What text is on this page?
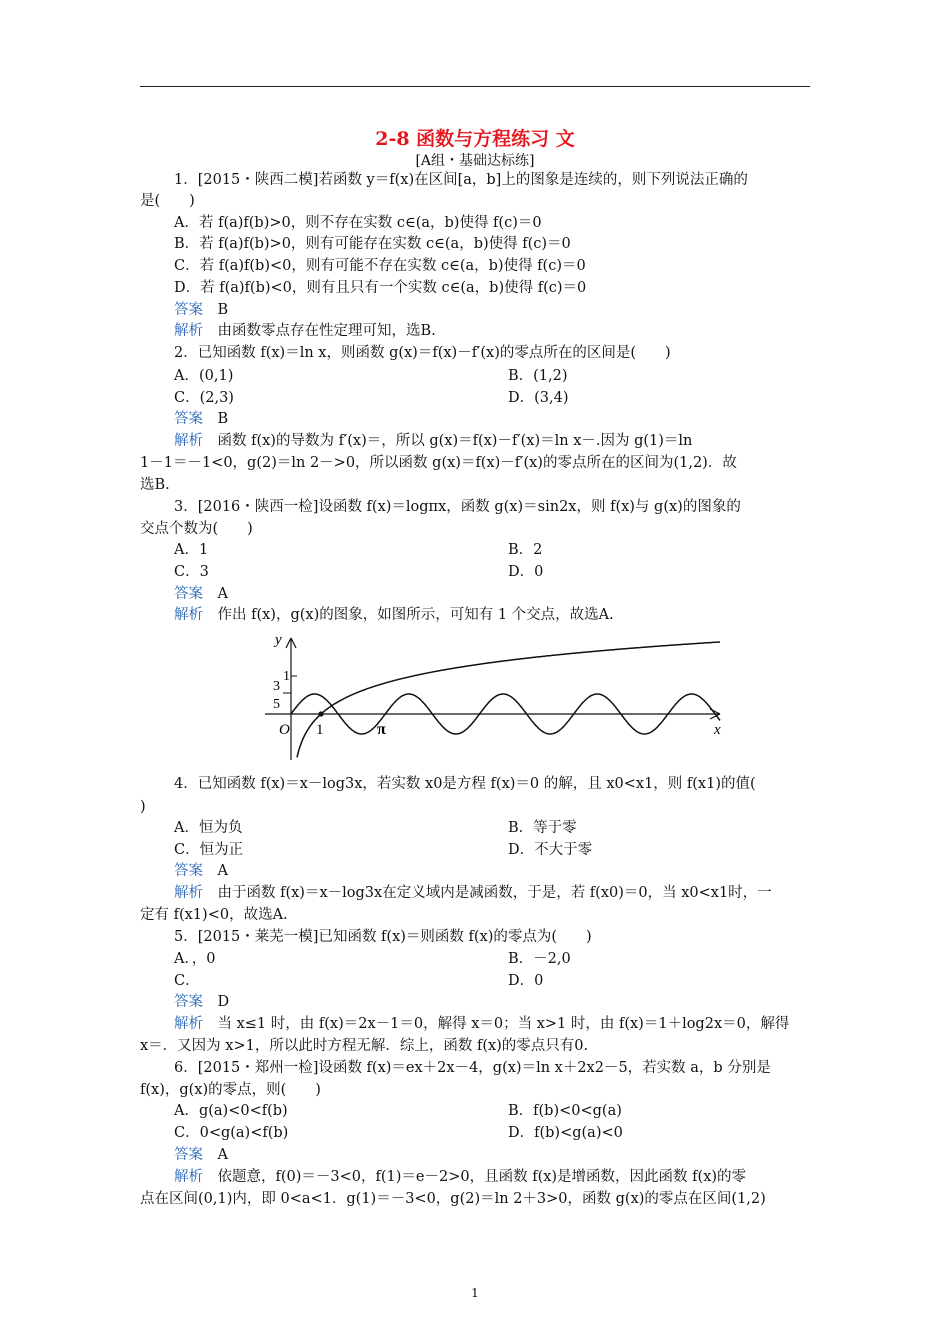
2-8 函数与方程练习 文
[A组・基础达标练]
1．[2015・陕西二模]若函数 y＝f(x)在区间[a，b]上的图象是连续的，则下列说法正确的
是(　　)
A．若 f(a)f(b)>0，则不存在实数 c∈(a，b)使得 f(c)＝0
B．若 f(a)f(b)>0，则有可能存在实数 c∈(a，b)使得 f(c)＝0
C．若 f(a)f(b)<0，则有可能不存在实数 c∈(a，b)使得 f(c)＝0
D．若 f(a)f(b)<0，则有且只有一个实数 c∈(a，b)使得 f(c)＝0
答案　 B
解析　 由函数零点存在性定理可知，选B.
2．已知函数 f(x)＝ln x，则函数 g(x)＝f(x)－f′(x)的零点所在的区间是(　　)
A．(0,1)	B．(1,2)
C．(2,3)	D．(3,4)
答案　 B
解析　 函数 f(x)的导数为 f′(x)＝，所以 g(x)＝f(x)－f′(x)＝ln x－.因为 g(1)＝ln
1－1＝－1<0，g(2)＝ln 2－>0，所以函数 g(x)＝f(x)－f′(x)的零点所在的区间为(1,2)．故
选B.
3．[2016・陕西一检]设函数 f(x)＝logπx，函数 g(x)＝sin2x，则 f(x)与 g(x)的图象的
交点个数为(　　)
A．1	B．2
C．3	D．0
答案　 A
解析　 作出 f(x)，g(x)的图象，如图所示，可知有 1 个交点，故选A.
y
x
O 1	π
1
3
5
4．已知函数 f(x)＝x－log3x，若实数 x0是方程 f(x)＝0 的解，且 x0<x1，则 f(x1)的值(
)
A．恒为负	B．等于零
C．恒为正	D．不大于零
答案　 A
解析　 由于函数 f(x)＝x－log3x在定义域内是减函数，于是，若 f(x0)＝0，当 x0<x1时，一
定有 f(x1)<0，故选A.
5．[2015・莱芜一模]已知函数 f(x)＝则函数 f(x)的零点为(　　)
A．，0	B．－2,0
C．	D．0
答案　 D
解析　 当 x≤1 时，由 f(x)＝2x－1＝0，解得 x＝0；当 x>1 时，由 f(x)＝1＋log2x＝0，解得
x＝．又因为 x>1，所以此时方程无解．综上，函数 f(x)的零点只有0.
6．[2015・郑州一检]设函数 f(x)＝ex＋2x－4，g(x)＝ln x＋2x2－5，若实数 a，b 分别是
f(x)，g(x)的零点，则(　　)
A．g(a)<0<f(b)	B．f(b)<0<g(a)
C．0<g(a)<f(b)	D．f(b)<g(a)<0
答案　 A
解析　 依题意，f(0)＝－3<0，f(1)＝e－2>0，且函数 f(x)是增函数，因此函数 f(x)的零
点在区间(0,1)内，即 0<a<1．g(1)＝－3<0，g(2)＝ln 2＋3>0，函数 g(x)的零点在区间(1,2)
1
